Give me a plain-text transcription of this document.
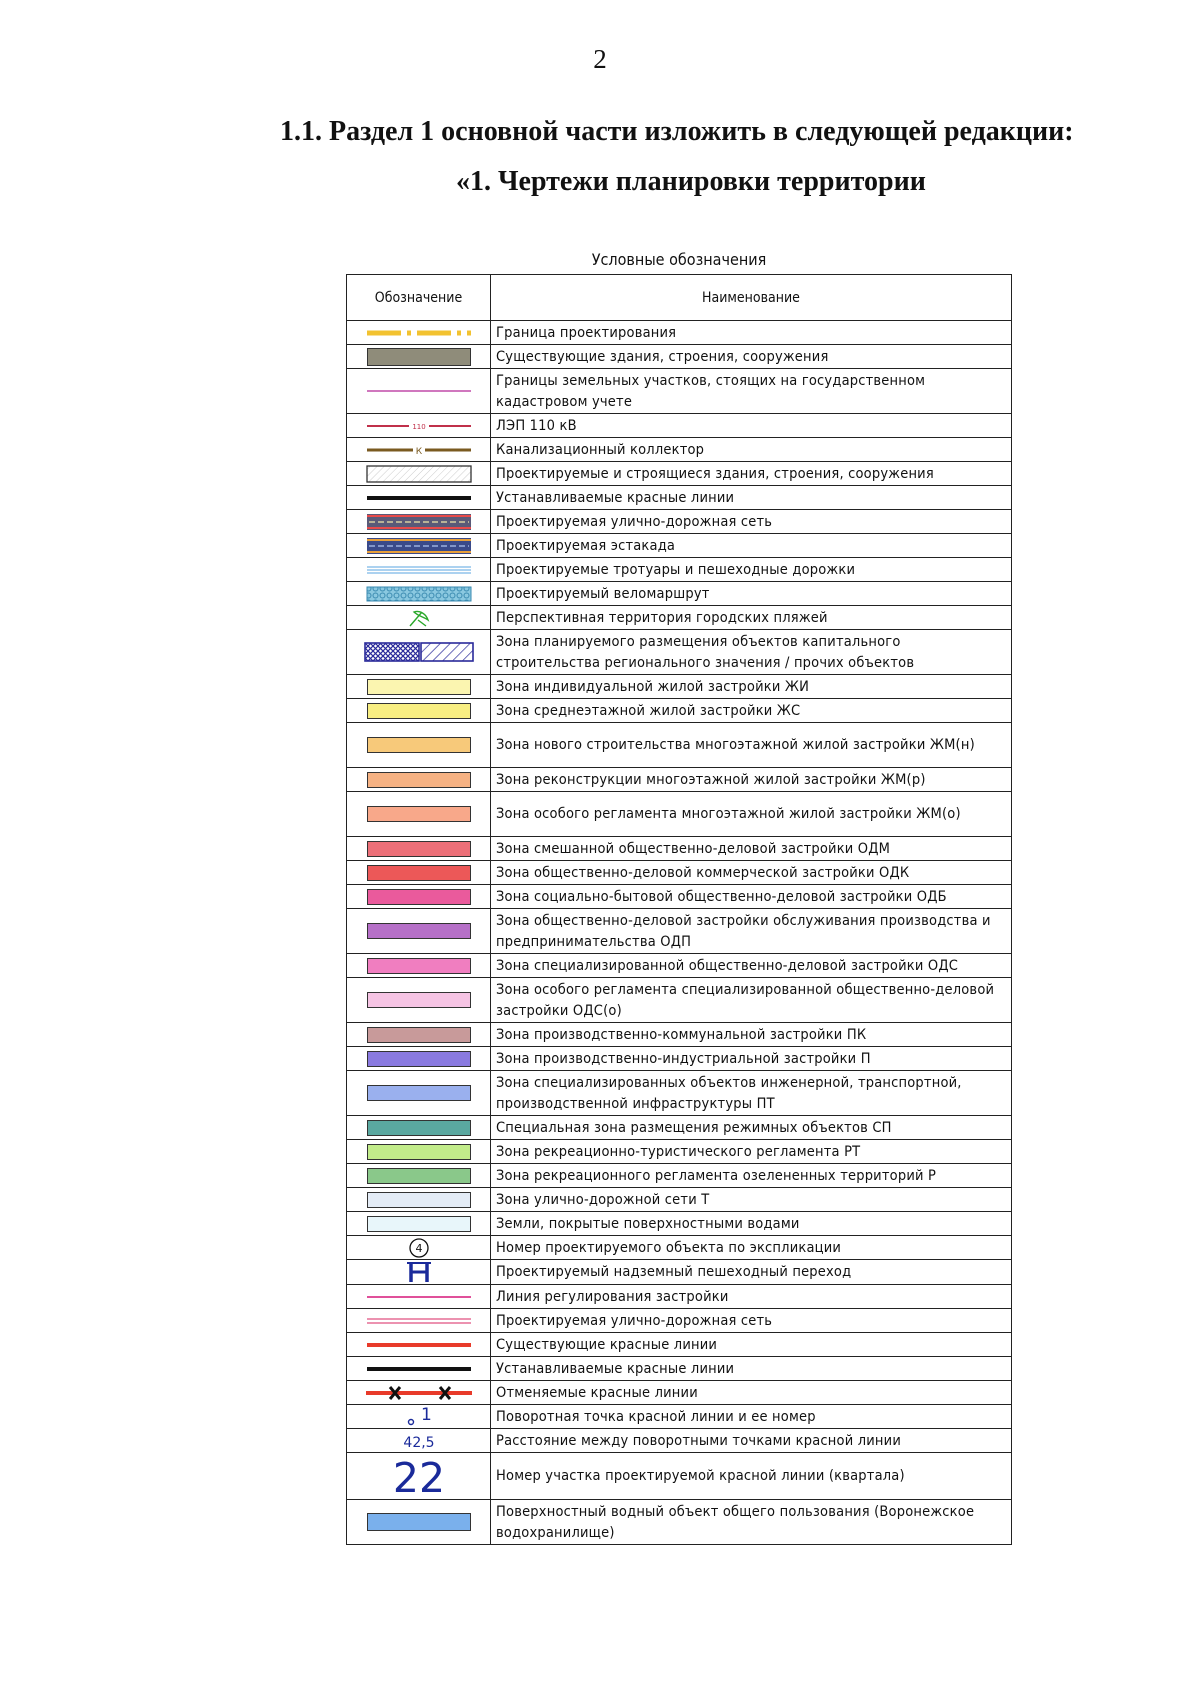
2
1.1. Раздел 1 основной части изложить в следующей редакции:
«1. Чертежи планировки территории
Условные обозначения
Обозначение	Наименование

	Граница проектирования

	Существующие здания, строения, сооружения

	Границы земельных участков, стоящих на государственном кадастровом учете

110	ЛЭП 110 кВ

К	Канализационный коллектор

	Проектируемые и строящиеся здания, строения, сооружения

	Устанавливаемые красные линии

	Проектируемая улично-дорожная сеть

	Проектируемая эстакада

	Проектируемые тротуары и пешеходные дорожки

	Проектируемый веломаршрут

	Перспективная территория городских пляжей

	Зона планируемого размещения объектов капитального строительства регионального значения / прочих объектов

	Зона индивидуальной жилой застройки ЖИ

	Зона среднеэтажной жилой застройки ЖС

	Зона нового строительства многоэтажной жилой застройки ЖМ(н)

	Зона реконструкции многоэтажной жилой застройки ЖМ(р)

	Зона особого регламента многоэтажной жилой застройки ЖМ(о)

	Зона смешанной общественно-деловой застройки ОДМ

	Зона общественно-деловой коммерческой застройки ОДК

	Зона социально-бытовой общественно-деловой застройки ОДБ

	Зона общественно-деловой застройки обслуживания производства и предпринимательства ОДП

	Зона специализированной общественно-деловой застройки ОДС

	Зона особого регламента специализированной общественно-деловой застройки ОДС(о)

	Зона производственно-коммунальной застройки ПК

	Зона производственно-индустриальной застройки П

	Зона специализированных объектов инженерной, транспортной, производственной инфраструктуры ПТ

	Специальная зона размещения режимных объектов СП

	Зона рекреационно-туристического регламента РТ

	Зона рекреационного регламента озелененных территорий Р

	Зона улично-дорожной сети Т

	Земли, покрытые поверхностными водами

4	Номер проектируемого объекта по экспликации

	Проектируемый надземный пешеходный переход

	Линия регулирования застройки

	Проектируемая улично-дорожная сеть

	Существующие красные линии

	Устанавливаемые красные линии

	Отменяемые красные линии

1	Поворотная точка красной линии и ее номер

42,5	Расстояние между поворотными точками красной линии

22	Номер участка проектируемой красной линии (квартала)

	Поверхностный водный объект общего пользования (Воронежское водохранилище)
